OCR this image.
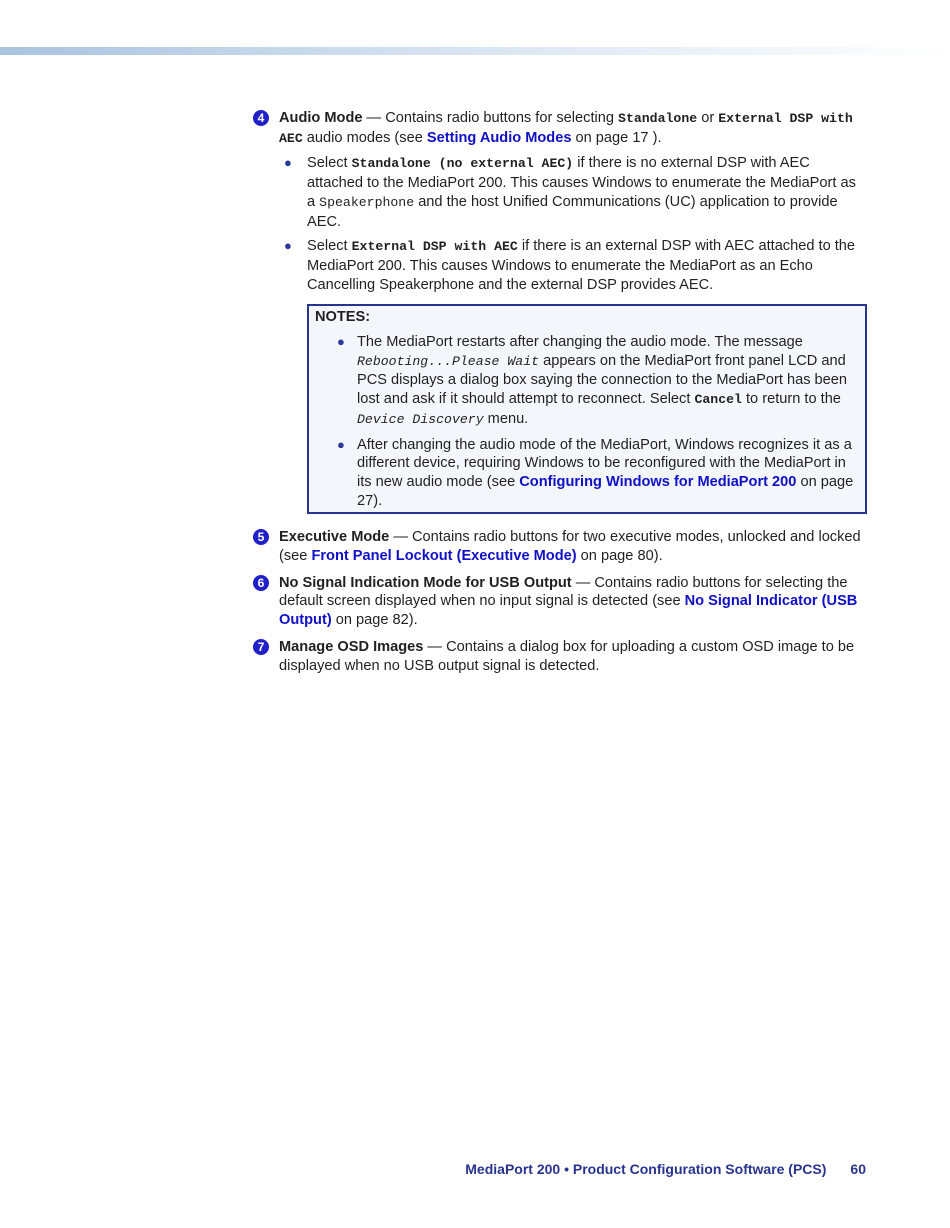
4	Audio Mode — Contains radio buttons for selecting Standalone or External DSP with AEC audio modes (see Setting Audio Modes on page 17 ).
● Select Standalone (no external AEC) if there is no external DSP with AEC attached to the MediaPort 200. This causes Windows to enumerate the MediaPort as a Speakerphone and the host Unified Communications (UC) application to provide AEC.
● Select External DSP with AEC if there is an external DSP with AEC attached to the MediaPort 200. This causes Windows to enumerate the MediaPort as an Echo Cancelling Speakerphone and the external DSP provides AEC.
NOTES:
● The MediaPort restarts after changing the audio mode. The message Rebooting...Please Wait appears on the MediaPort front panel LCD and PCS displays a dialog box saying the connection to the MediaPort has been lost and ask if it should attempt to reconnect. Select Cancel to return to the Device Discovery menu.
● After changing the audio mode of the MediaPort, Windows recognizes it as a different device, requiring Windows to be reconfigured with the MediaPort in its new audio mode (see Configuring Windows for MediaPort 200 on page 27).
5	Executive Mode — Contains radio buttons for two executive modes, unlocked and locked (see Front Panel Lockout (Executive Mode) on page 80).
6	No Signal Indication Mode for USB Output — Contains radio buttons for selecting the default screen displayed when no input signal is detected (see No Signal Indicator (USB Output) on page 82).
7	Manage OSD Images — Contains a dialog box for uploading a custom OSD image to be displayed when no USB output signal is detected.
MediaPort 200 • Product Configuration Software (PCS) 60
